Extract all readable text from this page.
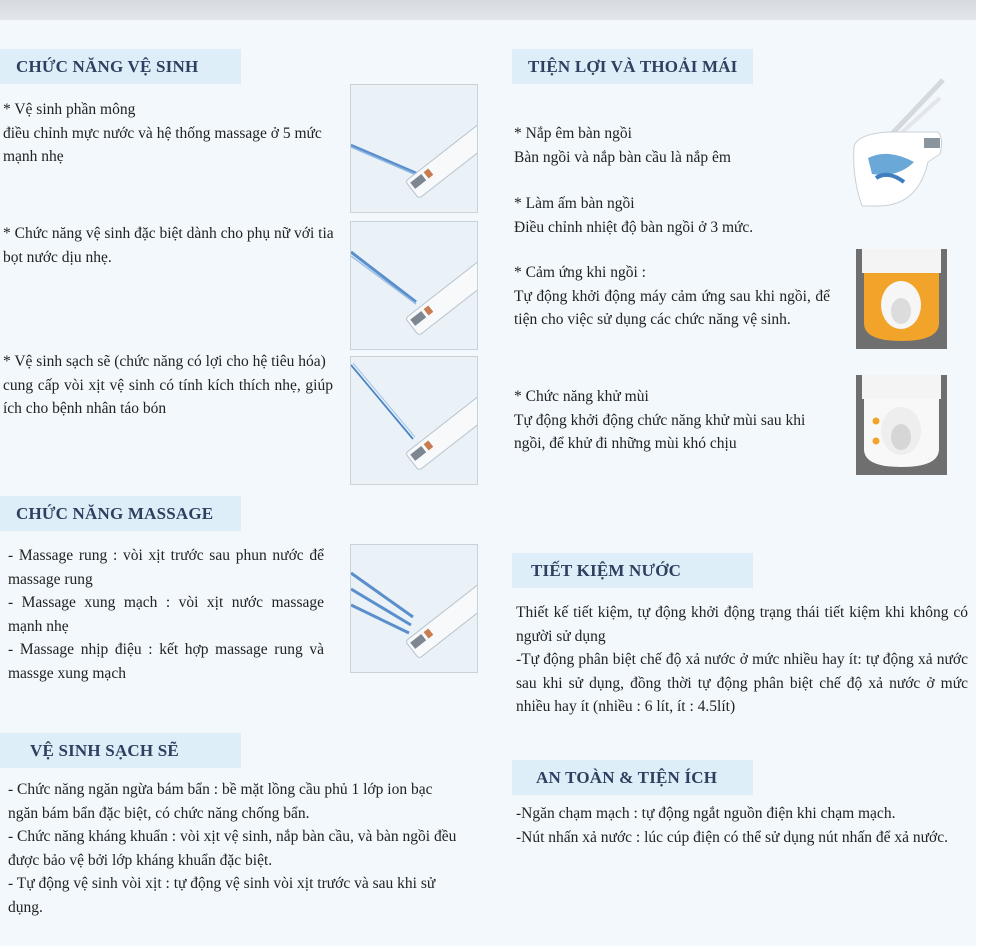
CHỨC NĂNG VỆ SINH

* Vệ sinh phần mông

điều chỉnh mực nước và hệ thống massage ở 5 mức mạnh nhẹ

* Chức năng vệ sinh đặc biệt dành cho phụ nữ với tia bọt nước dịu nhẹ.

* Vệ sinh sạch sẽ (chức năng có lợi cho hệ tiêu hóa)

cung cấp vòi xịt vệ sinh có tính kích thích nhẹ, giúp ích cho bệnh nhân táo bón

CHỨC NĂNG MASSAGE

- Massage rung : vòi xịt trước sau phun nước để massage rung

- Massage xung mạch : vòi xịt nước massage mạnh nhẹ

- Massage nhịp điệu : kết hợp massage rung và massge xung mạch

VỆ SINH SẠCH SẼ

- Chức năng ngăn ngừa bám bẩn : bề mặt lồng cầu phủ 1 lớp ion bạc ngăn bám bẩn đặc biệt, có chức năng chống bẩn.

- Chức năng kháng khuẩn : vòi xịt vệ sinh, nắp bàn cầu, và bàn ngồi đều được bảo vệ bởi lớp kháng khuẩn đặc biệt.

- Tự động vệ sinh vòi xịt : tự động vệ sinh vòi xịt trước và sau khi sử dụng.

TIỆN LỢI VÀ THOẢI MÁI

* Nắp êm bàn ngồi

Bàn ngồi và nắp bàn cầu là nắp êm

* Làm ấm bàn ngồi

Điều chỉnh nhiệt độ bàn ngồi ở 3 mức.

* Cảm ứng khi ngồi :

Tự động khởi động máy cảm ứng sau khi ngồi, để tiện cho việc sử dụng các chức năng vệ sinh.

* Chức năng khử mùi

Tự động khởi động chức năng khử mùi sau khi ngồi, để khử đi những mùi khó chịu

TIẾT KIỆM NƯỚC

Thiết kế tiết kiệm, tự động khởi động trạng thái tiết kiệm khi không có người sử dụng

-Tự động phân biệt chế độ xả nước ở mức nhiều hay ít: tự động xả nước sau khi sử dụng, đồng thời tự động phân biệt chế độ xả nước ở mức nhiều hay ít (nhiều : 6 lít, ít : 4.5lít)

AN TOÀN & TIỆN ÍCH

-Ngăn chạm mạch : tự động ngắt nguồn điện khi chạm mạch.

-Nút nhấn xả nước : lúc cúp điện có thể sử dụng nút nhấn để xả nước.
